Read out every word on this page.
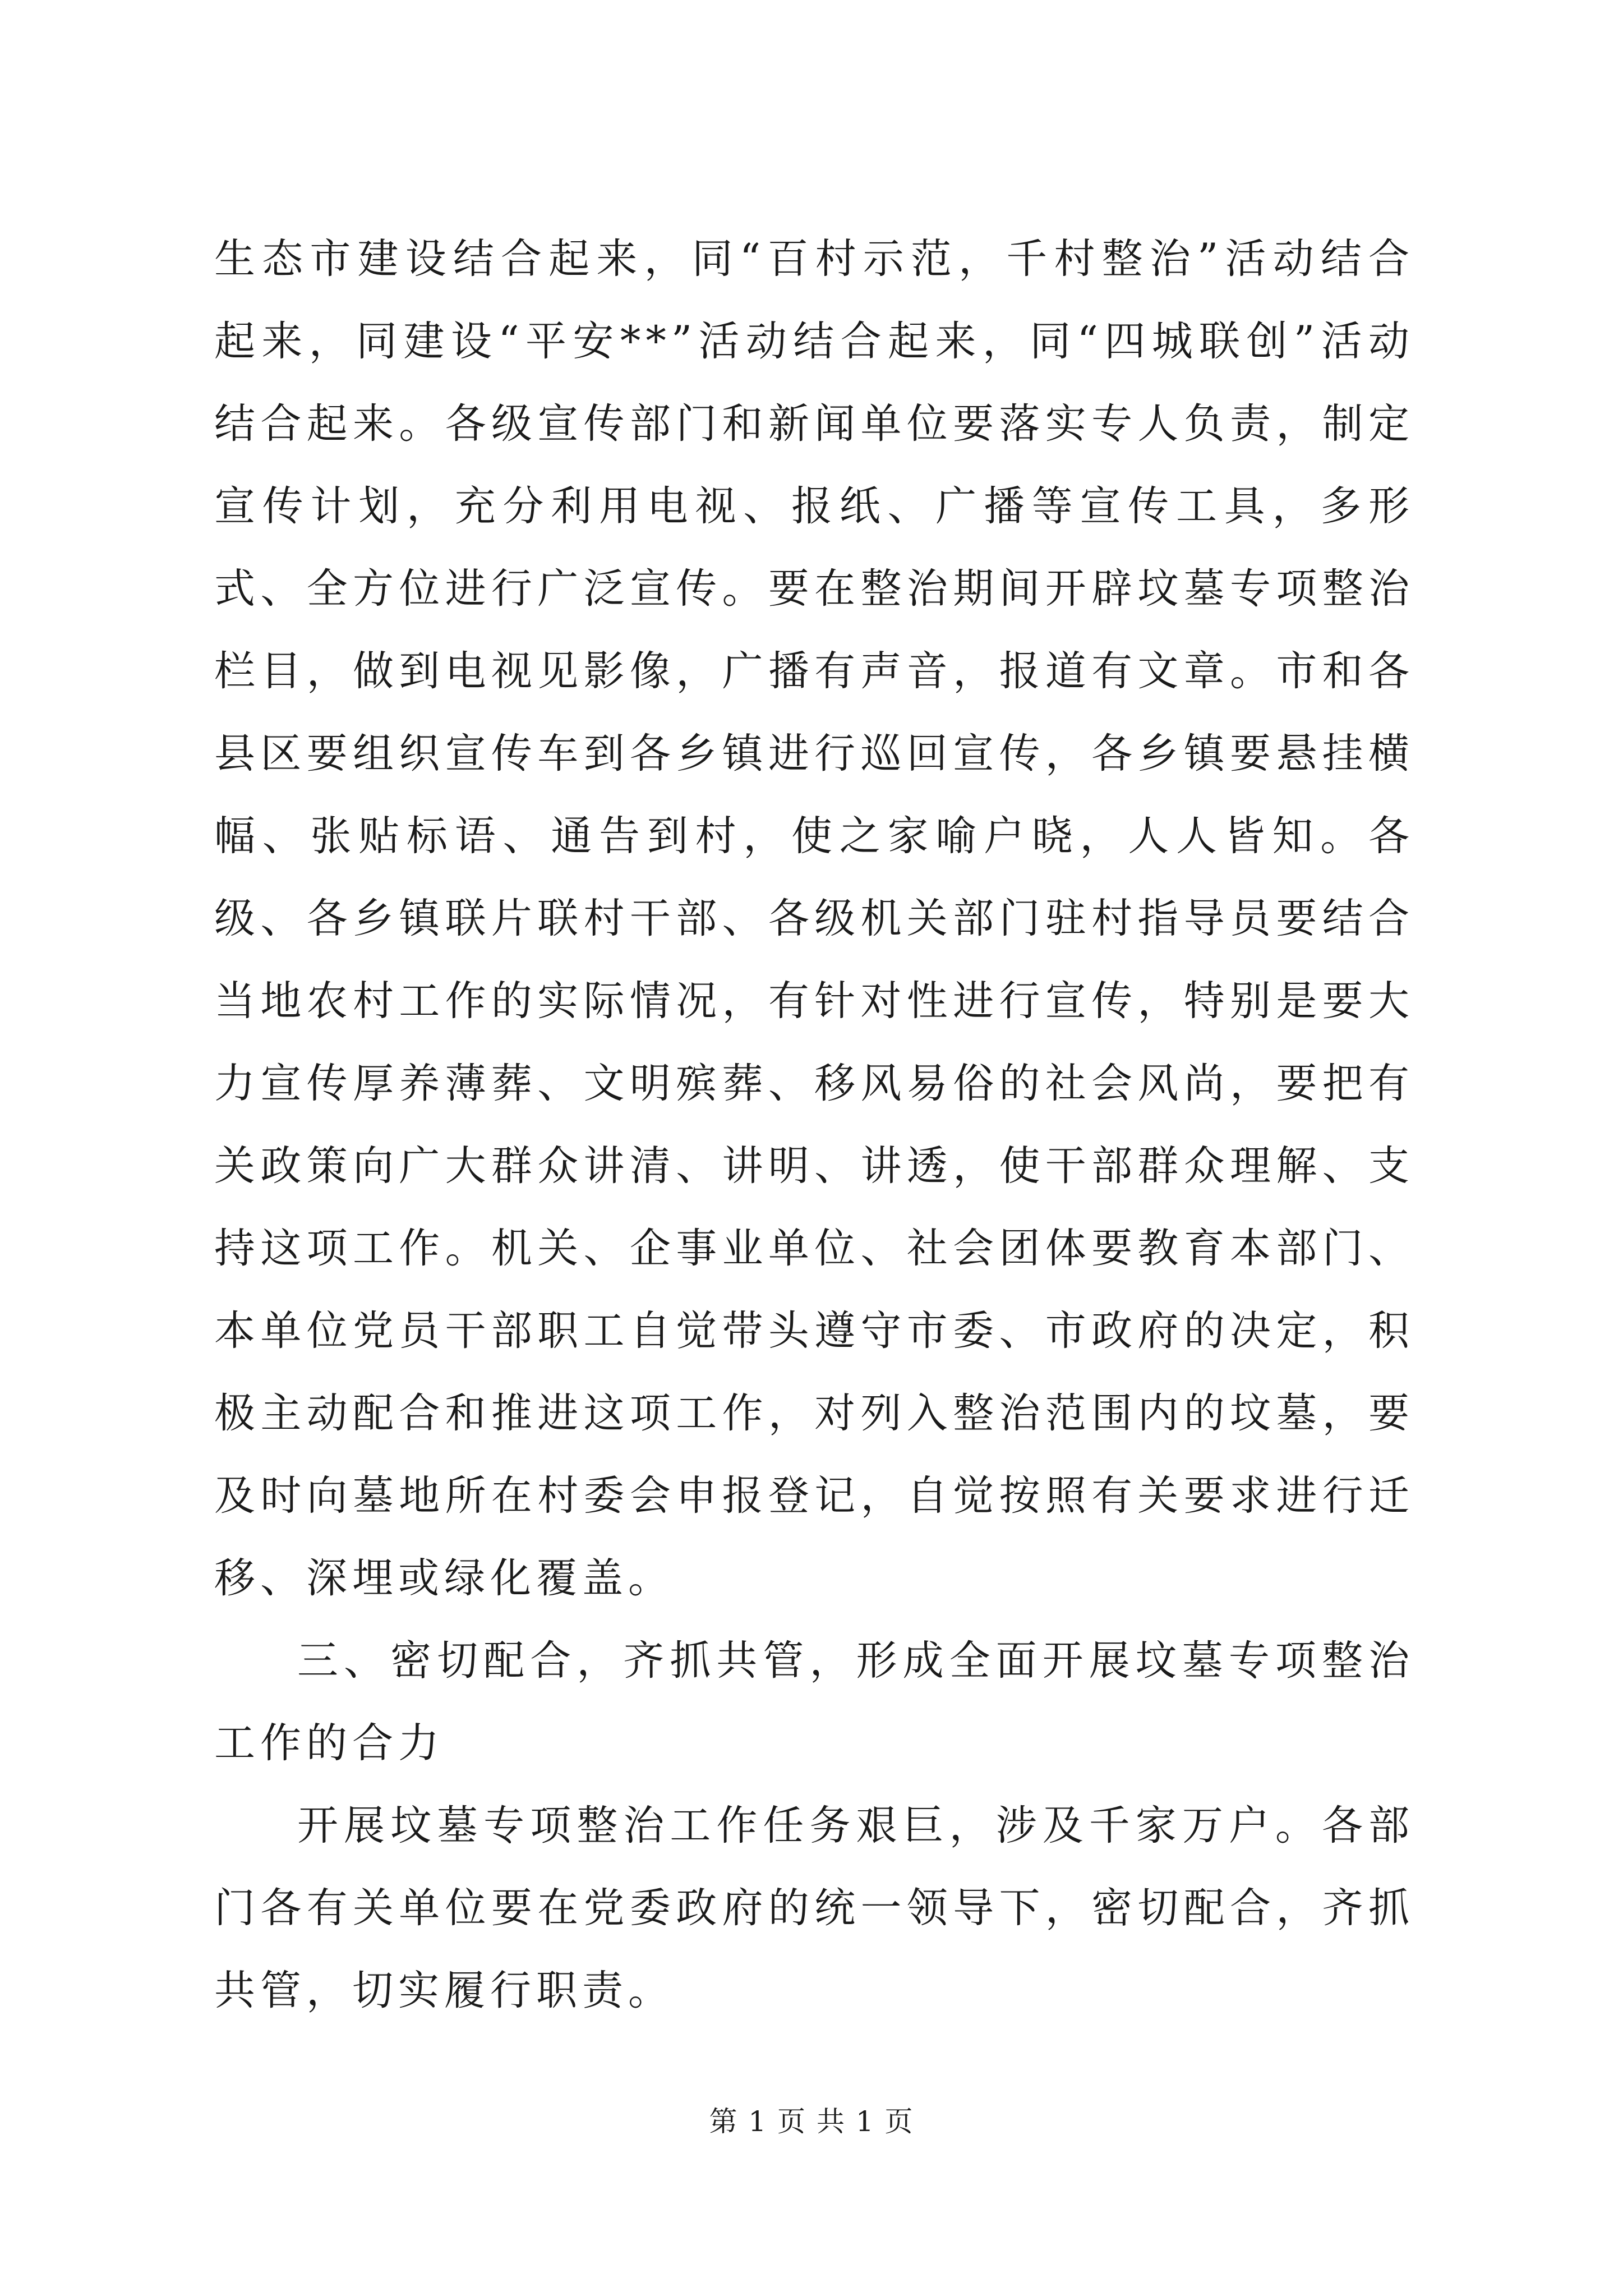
生态市建设结合起来，同“百村示范，千村整治”活动结合起来，同建设“平安**”活动结合起来，同“四城联创”活动结合起来。各级宣传部门和新闻单位要落实专人负责，制定宣传计划，充分利用电视、报纸、广播等宣传工具，多形式、全方位进行广泛宣传。要在整治期间开辟坟墓专项整治栏目，做到电视见影像，广播有声音，报道有文章。市和各县区要组织宣传车到各乡镇进行巡回宣传，各乡镇要悬挂横幅、张贴标语、通告到村，使之家喻户晓，人人皆知。各级、各乡镇联片联村干部、各级机关部门驻村指导员要结合当地农村工作的实际情况，有针对性进行宣传，特别是要大力宣传厚养薄葬、文明殡葬、移风易俗的社会风尚，要把有关政策向广大群众讲清、讲明、讲透，使干部群众理解、支持这项工作。机关、企事业单位、社会团体要教育本部门、本单位党员干部职工自觉带头遵守市委、市政府的决定，积极主动配合和推进这项工作，对列入整治范围内的坟墓，要及时向墓地所在村委会申报登记，自觉按照有关要求进行迁移、深埋或绿化覆盖。

三、密切配合，齐抓共管，形成全面开展坟墓专项整治工作的合力

开展坟墓专项整治工作任务艰巨，涉及千家万户。各部门各有关单位要在党委政府的统一领导下，密切配合，齐抓共管，切实履行职责。

第 1 页 共 1 页
